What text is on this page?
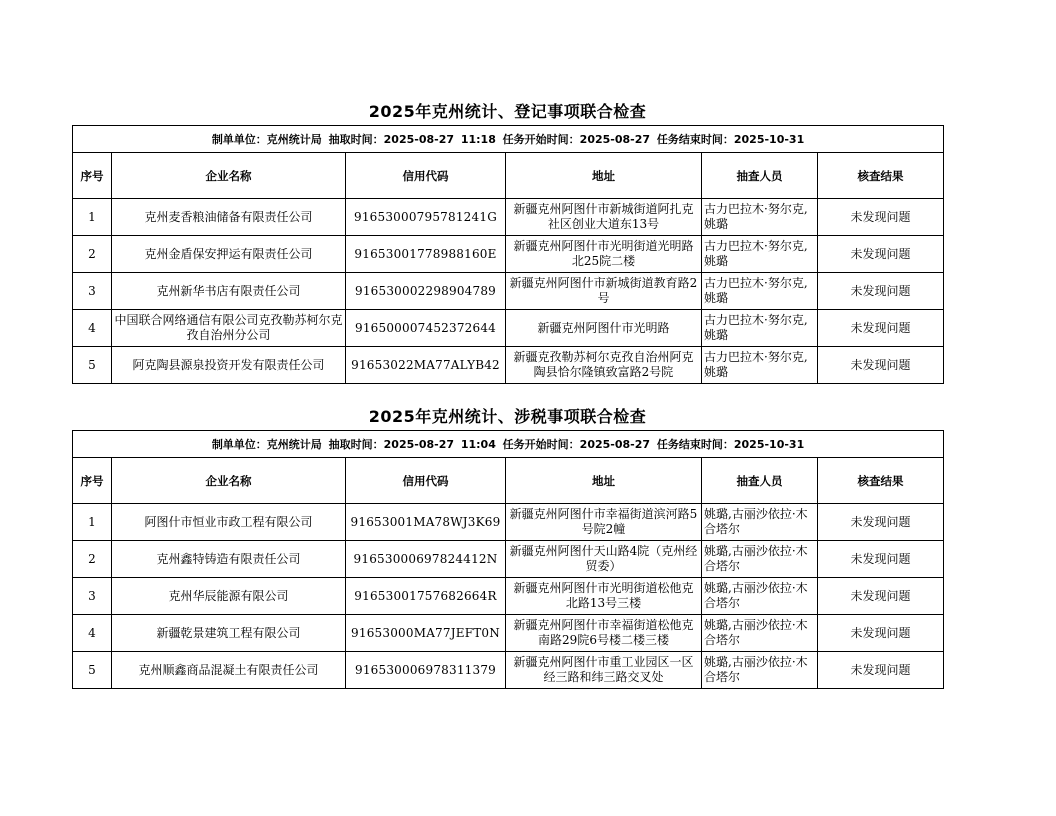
2025年克州统计、登记事项联合检查
制单单位：克州统计局 抽取时间：2025-08-27 11:18 任务开始时间：2025-08-27 任务结束时间：2025-10-31					
序号	企业名称	信用代码	地址	抽查人员	核查结果
1	克州麦香粮油储备有限责任公司	91653000795781241G	新疆克州阿图什市新城街道阿扎克社区创业大道东13号	古力巴拉木·努尔克,姚璐	未发现问题
2	克州金盾保安押运有限责任公司	91653001778988160E	新疆克州阿图什市光明街道光明路北25院二楼	古力巴拉木·努尔克,姚璐	未发现问题
3	克州新华书店有限责任公司	916530002298904789	新疆克州阿图什市新城街道教育路2号	古力巴拉木·努尔克,姚璐	未发现问题
4	中国联合网络通信有限公司克孜勒苏柯尔克孜自治州分公司	916500007452372644	新疆克州阿图什市光明路	古力巴拉木·努尔克,姚璐	未发现问题
5	阿克陶县源泉投资开发有限责任公司	91653022MA77ALYB42	新疆克孜勒苏柯尔克孜自治州阿克陶县恰尔隆镇致富路2号院	古力巴拉木·努尔克,姚璐	未发现问题
2025年克州统计、涉税事项联合检查
制单单位：克州统计局 抽取时间：2025-08-27 11:04 任务开始时间：2025-08-27 任务结束时间：2025-10-31					
序号	企业名称	信用代码	地址	抽查人员	核查结果
1	阿图什市恒业市政工程有限公司	91653001MA78WJ3K69	新疆克州阿图什市幸福街道滨河路5号院2幢	姚璐,古丽沙依拉·木合塔尔	未发现问题
2	克州鑫特铸造有限责任公司	91653000697824412N	新疆克州阿图什天山路4院（克州经贸委）	姚璐,古丽沙依拉·木合塔尔	未发现问题
3	克州华辰能源有限公司	91653001757682664R	新疆克州阿图什市光明街道松他克北路13号三楼	姚璐,古丽沙依拉·木合塔尔	未发现问题
4	新疆乾景建筑工程有限公司	91653000MA77JEFT0N	新疆克州阿图什市幸福街道松他克南路29院6号楼二楼三楼	姚璐,古丽沙依拉·木合塔尔	未发现问题
5	克州顺鑫商品混凝土有限责任公司	916530006978311379	新疆克州阿图什市重工业园区一区经三路和纬三路交叉处	姚璐,古丽沙依拉·木合塔尔	未发现问题
